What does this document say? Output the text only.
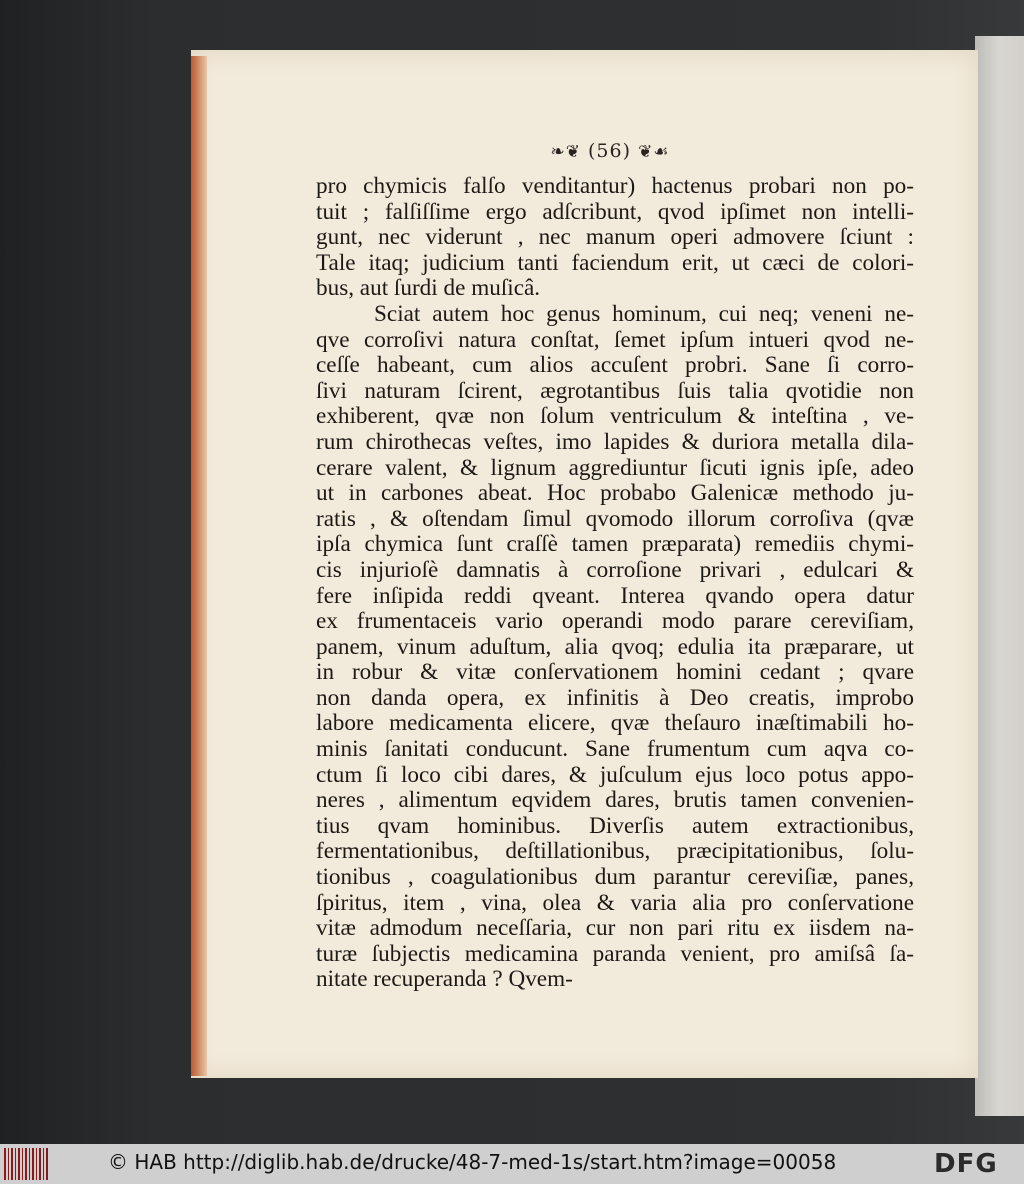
❧❦ (56) ❦☙
pro chymicis falſo venditantur) hactenus probari non po-
tuit ; falſiſſime ergo adſcribunt, qvod ipſimet non intelli-
gunt, nec viderunt , nec manum operi admovere ſciunt :
Tale itaq; judicium tanti faciendum erit, ut cæci de colori-
bus, aut ſurdi de muſicâ.
Sciat autem hoc genus hominum, cui neq; veneni ne-
qve corroſivi natura conſtat, ſemet ipſum intueri qvod ne-
ceſſe habeant, cum alios accuſent probri. Sane ſi corro-
ſivi naturam ſcirent, ægrotantibus ſuis talia qvotidie non
exhiberent, qvæ non ſolum ventriculum & inteſtina , ve-
rum chirothecas veſtes, imo lapides & duriora metalla dila-
cerare valent, & lignum aggrediuntur ſicuti ignis ipſe, adeo
ut in carbones abeat. Hoc probabo Galenicæ methodo ju-
ratis , & oſtendam ſimul qvomodo illorum corroſiva (qvæ
ipſa chymica ſunt craſſè tamen præparata) remediis chymi-
cis injurioſè damnatis à corroſione privari , edulcari &
fere inſipida reddi qveant. Interea qvando opera datur
ex frumentaceis vario operandi modo parare cereviſiam,
panem, vinum aduſtum, alia qvoq; edulia ita præparare, ut
in robur & vitæ conſervationem homini cedant ; qvare
non danda opera, ex infinitis à Deo creatis, improbo
labore medicamenta elicere, qvæ theſauro inæſtimabili ho-
minis ſanitati conducunt. Sane frumentum cum aqva co-
ctum ſi loco cibi dares, & juſculum ejus loco potus appo-
neres , alimentum eqvidem dares, brutis tamen convenien-
tius qvam hominibus. Diverſis autem extractionibus,
fermentationibus, deſtillationibus, præcipitationibus, ſolu-
tionibus , coagulationibus dum parantur cereviſiæ, panes,
ſpiritus, item , vina, olea & varia alia pro conſervatione
vitæ admodum neceſſaria, cur non pari ritu ex iisdem na-
turæ ſubjectis medicamina paranda venient, pro amiſsâ ſa-
nitate recuperanda ? Qvem-
© HAB http://diglib.hab.de/drucke/48-7-med-1s/start.htm?image=00058	DFG
